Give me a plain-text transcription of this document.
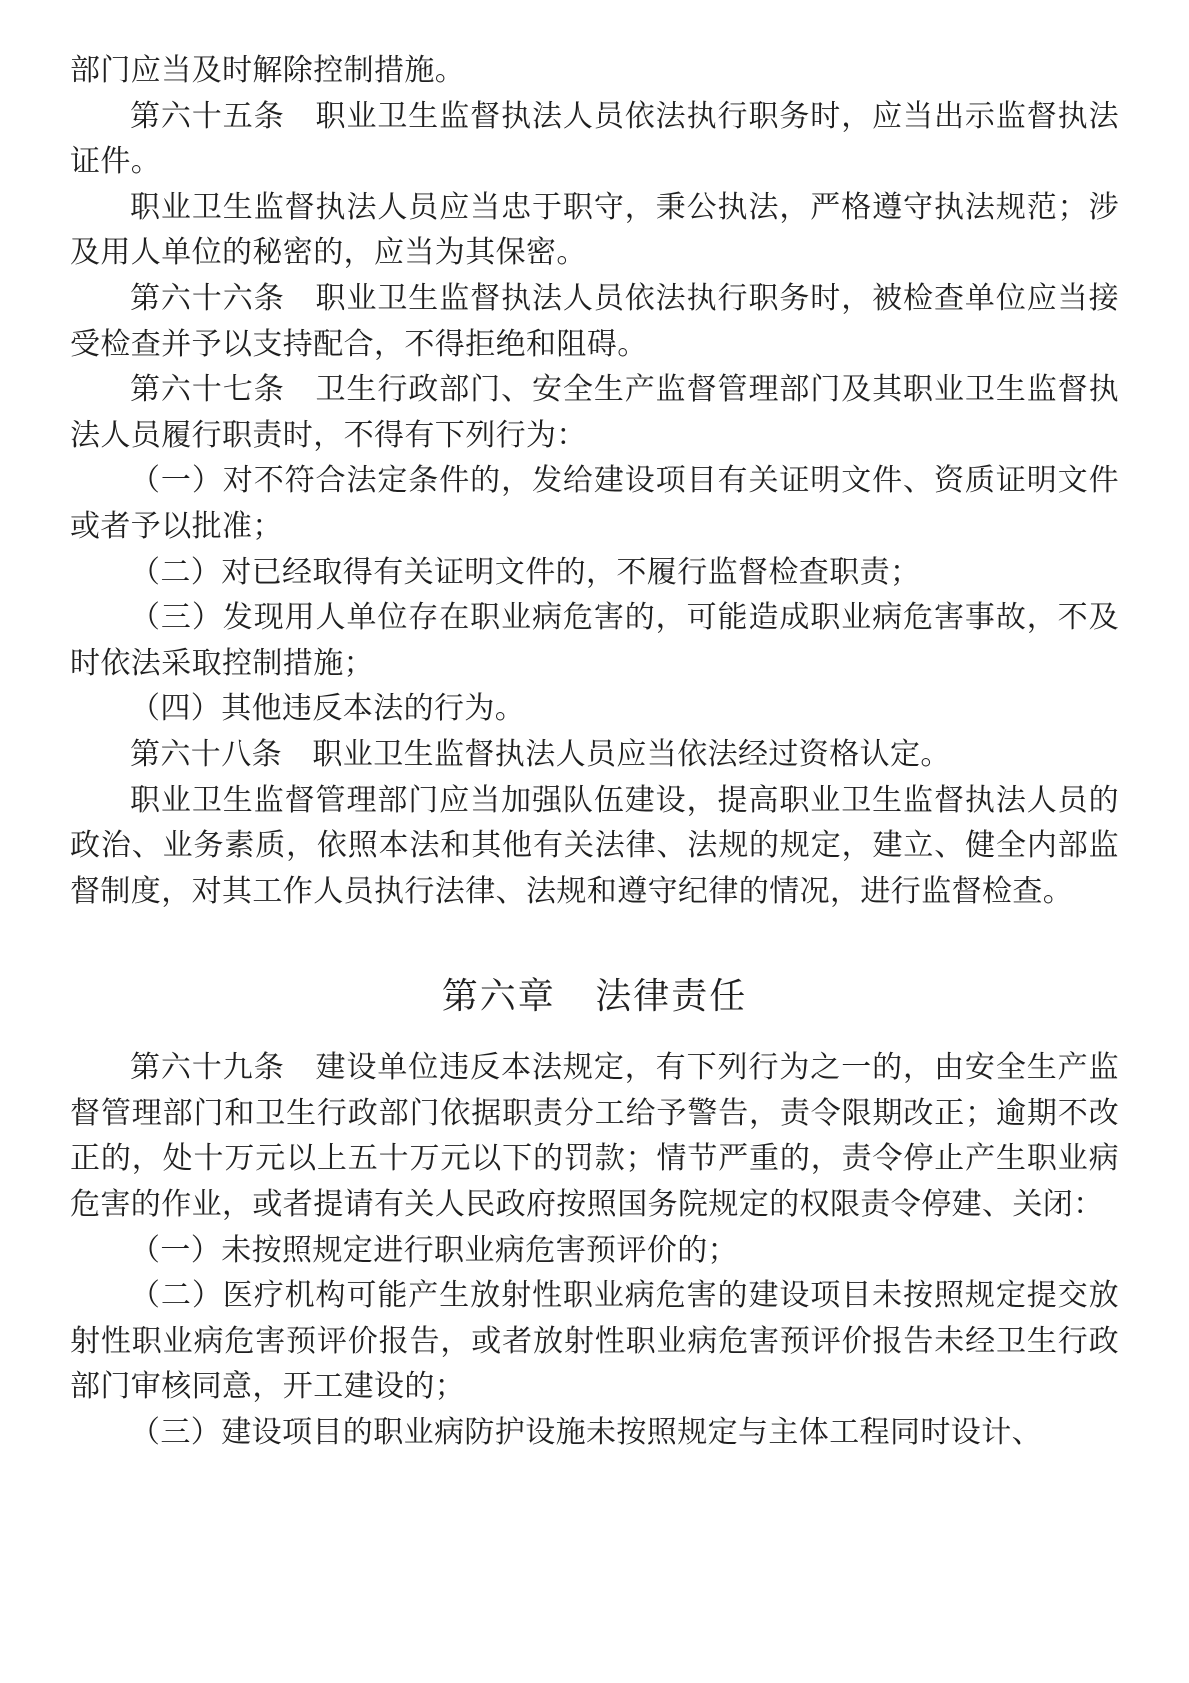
部门应当及时解除控制措施。

第六十五条　职业卫生监督执法人员依法执行职务时，应当出示监督执法证件。

职业卫生监督执法人员应当忠于职守，秉公执法，严格遵守执法规范；涉及用人单位的秘密的，应当为其保密。

第六十六条　职业卫生监督执法人员依法执行职务时，被检查单位应当接受检查并予以支持配合，不得拒绝和阻碍。

第六十七条　卫生行政部门、安全生产监督管理部门及其职业卫生监督执法人员履行职责时，不得有下列行为：

（一）对不符合法定条件的，发给建设项目有关证明文件、资质证明文件或者予以批准；

（二）对已经取得有关证明文件的，不履行监督检查职责；

（三）发现用人单位存在职业病危害的，可能造成职业病危害事故，不及时依法采取控制措施；

（四）其他违反本法的行为。

第六十八条　职业卫生监督执法人员应当依法经过资格认定。

职业卫生监督管理部门应当加强队伍建设，提高职业卫生监督执法人员的政治、业务素质，依照本法和其他有关法律、法规的规定，建立、健全内部监督制度，对其工作人员执行法律、法规和遵守纪律的情况，进行监督检查。

第六章 法律责任

第六十九条　建设单位违反本法规定，有下列行为之一的，由安全生产监督管理部门和卫生行政部门依据职责分工给予警告，责令限期改正；逾期不改正的，处十万元以上五十万元以下的罚款；情节严重的，责令停止产生职业病危害的作业，或者提请有关人民政府按照国务院规定的权限责令停建、关闭：

（一）未按照规定进行职业病危害预评价的；

（二）医疗机构可能产生放射性职业病危害的建设项目未按照规定提交放射性职业病危害预评价报告，或者放射性职业病危害预评价报告未经卫生行政部门审核同意，开工建设的；

（三）建设项目的职业病防护设施未按照规定与主体工程同时设计、
